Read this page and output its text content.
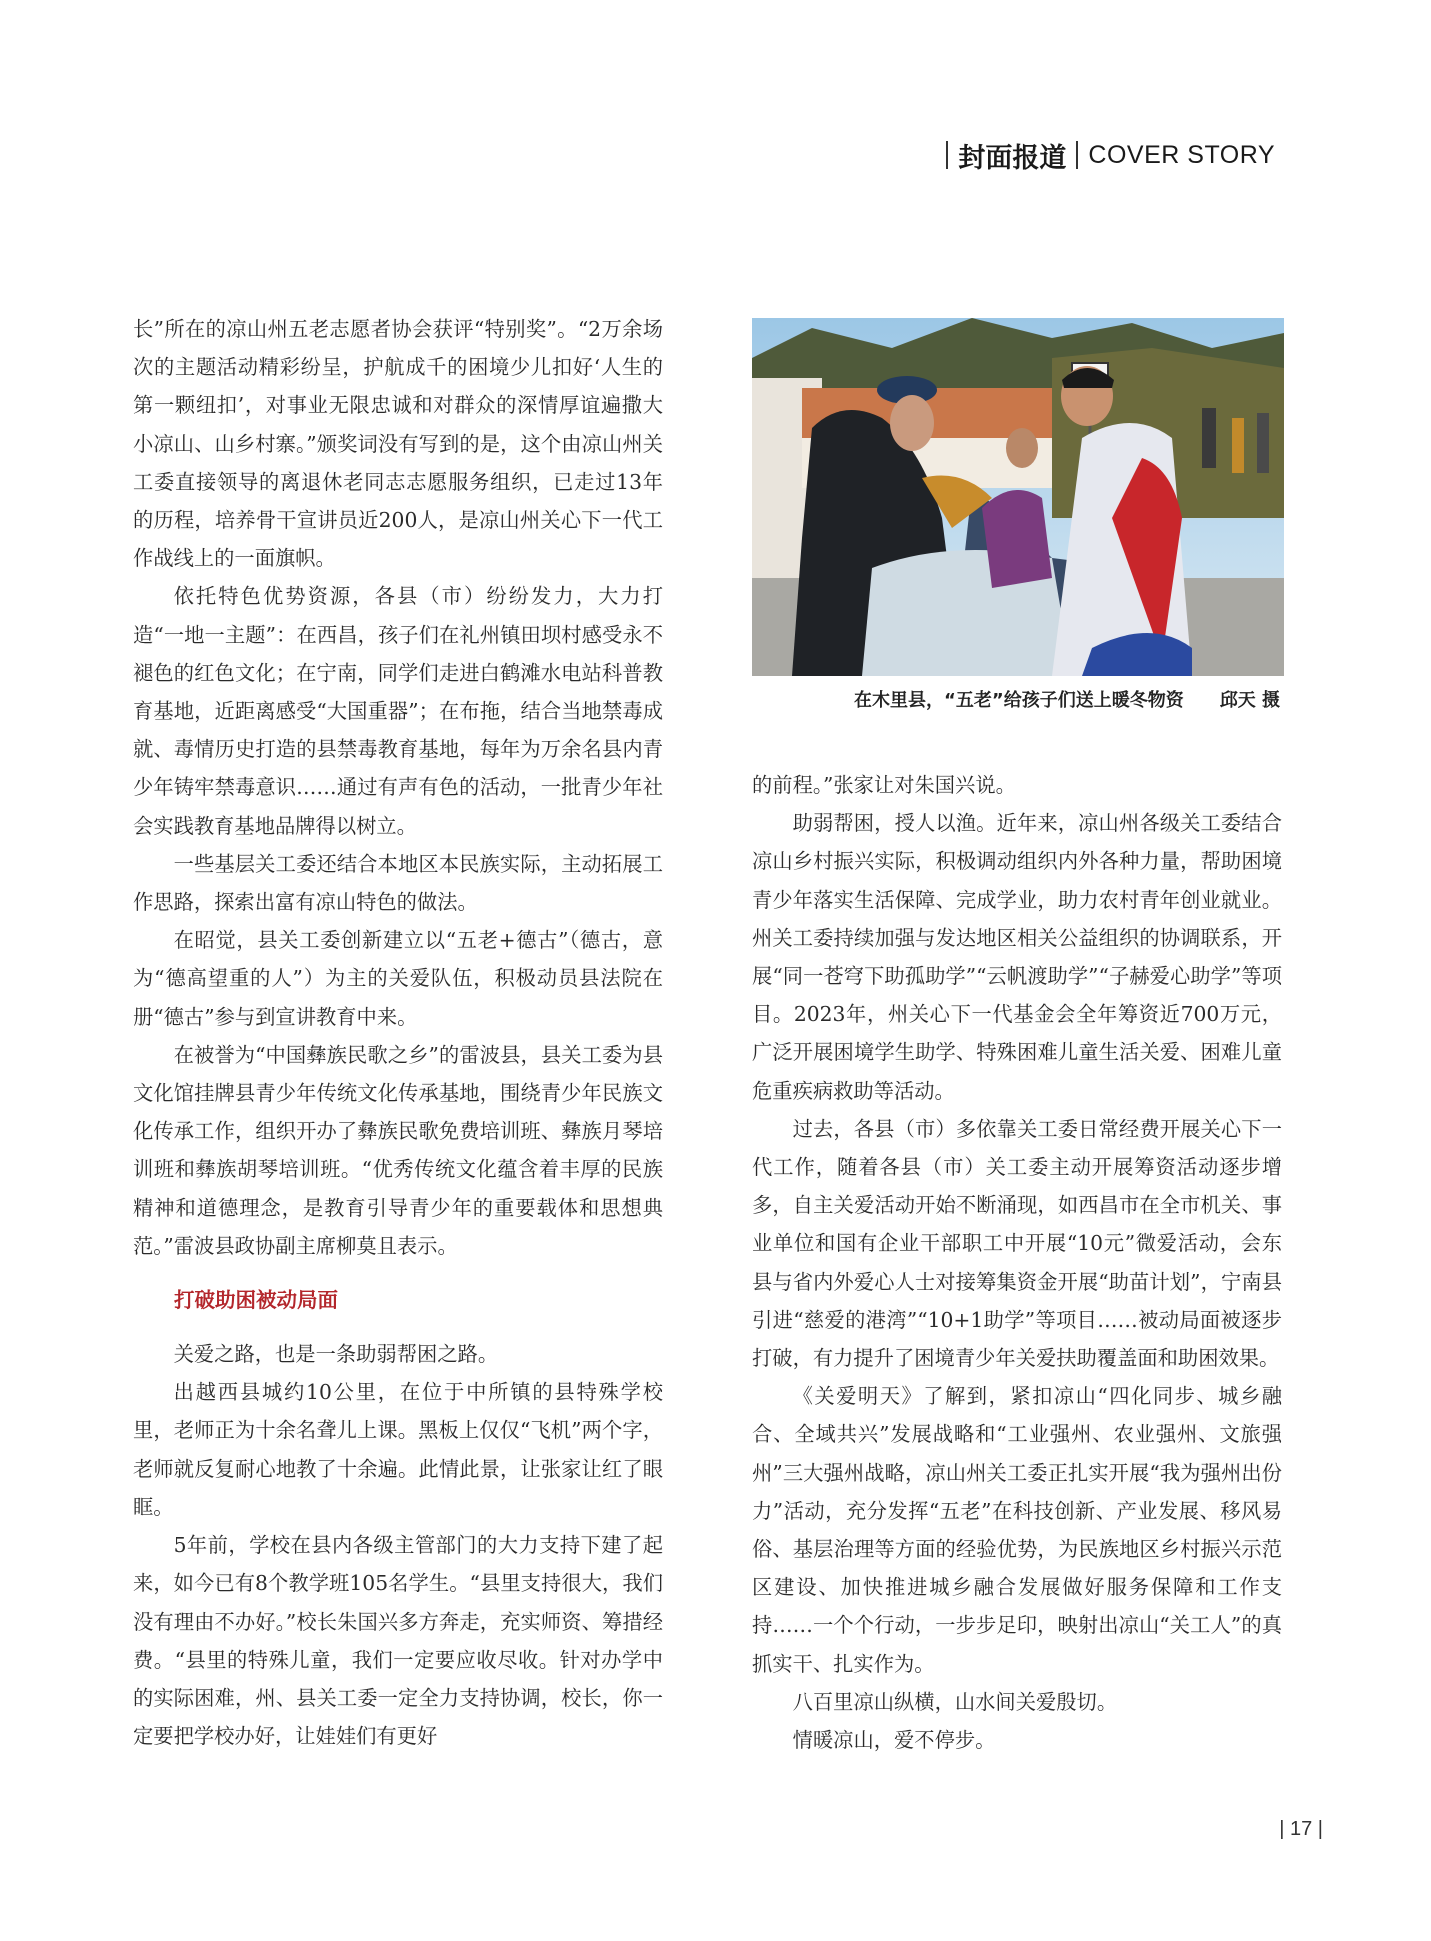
封面报道 COVER STORY

长”所在的凉山州五老志愿者协会获评“特别奖”。“2万余场次的主题活动精彩纷呈，护航成千的困境少儿扣好‘人生的第一颗纽扣’，对事业无限忠诚和对群众的深情厚谊遍撒大小凉山、山乡村寨。”颁奖词没有写到的是，这个由凉山州关工委直接领导的离退休老同志志愿服务组织，已走过13年的历程，培养骨干宣讲员近200人，是凉山州关心下一代工作战线上的一面旗帜。

依托特色优势资源，各县（市）纷纷发力，大力打造“一地一主题”：在西昌，孩子们在礼州镇田坝村感受永不褪色的红色文化；在宁南，同学们走进白鹤滩水电站科普教育基地，近距离感受“大国重器”；在布拖，结合当地禁毒成就、毒情历史打造的县禁毒教育基地，每年为万余名县内青少年铸牢禁毒意识……通过有声有色的活动，一批青少年社会实践教育基地品牌得以树立。

一些基层关工委还结合本地区本民族实际，主动拓展工作思路，探索出富有凉山特色的做法。

在昭觉，县关工委创新建立以“五老+德古”（德古，意为“德高望重的人”）为主的关爱队伍，积极动员县法院在册“德古”参与到宣讲教育中来。

在被誉为“中国彝族民歌之乡”的雷波县，县关工委为县文化馆挂牌县青少年传统文化传承基地，围绕青少年民族文化传承工作，组织开办了彝族民歌免费培训班、彝族月琴培训班和彝族胡琴培训班。“优秀传统文化蕴含着丰厚的民族精神和道德理念，是教育引导青少年的重要载体和思想典范。”雷波县政协副主席柳莫且表示。

打破助困被动局面

关爱之路，也是一条助弱帮困之路。

出越西县城约10公里，在位于中所镇的县特殊学校里，老师正为十余名聋儿上课。黑板上仅仅“飞机”两个字，老师就反复耐心地教了十余遍。此情此景，让张家让红了眼眶。

5年前，学校在县内各级主管部门的大力支持下建了起来，如今已有8个教学班105名学生。“县里支持很大，我们没有理由不办好。”校长朱国兴多方奔走，充实师资、筹措经费。“县里的特殊儿童，我们一定要应收尽收。针对办学中的实际困难，州、县关工委一定全力支持协调，校长，你一定要把学校办好，让娃娃们有更好

在木里县，“五老”给孩子们送上暖冬物资 邱天 摄

的前程。”张家让对朱国兴说。

助弱帮困，授人以渔。近年来，凉山州各级关工委结合凉山乡村振兴实际，积极调动组织内外各种力量，帮助困境青少年落实生活保障、完成学业，助力农村青年创业就业。州关工委持续加强与发达地区相关公益组织的协调联系，开展“同一苍穹下助孤助学”“云帆渡助学”“子赫爱心助学”等项目。2023年，州关心下一代基金会全年筹资近700万元，广泛开展困境学生助学、特殊困难儿童生活关爱、困难儿童危重疾病救助等活动。

过去，各县（市）多依靠关工委日常经费开展关心下一代工作，随着各县（市）关工委主动开展筹资活动逐步增多，自主关爱活动开始不断涌现，如西昌市在全市机关、事业单位和国有企业干部职工中开展“10元”微爱活动，会东县与省内外爱心人士对接筹集资金开展“助苗计划”，宁南县引进“慈爱的港湾”“10+1助学”等项目……被动局面被逐步打破，有力提升了困境青少年关爱扶助覆盖面和助困效果。

《关爱明天》了解到，紧扣凉山“四化同步、城乡融合、全域共兴”发展战略和“工业强州、农业强州、文旅强州”三大强州战略，凉山州关工委正扎实开展“我为强州出份力”活动，充分发挥“五老”在科技创新、产业发展、移风易俗、基层治理等方面的经验优势，为民族地区乡村振兴示范区建设、加快推进城乡融合发展做好服务保障和工作支持……一个个行动，一步步足印，映射出凉山“关工人”的真抓实干、扎实作为。

八百里凉山纵横，山水间关爱殷切。

情暖凉山，爱不停步。

| 17 |
